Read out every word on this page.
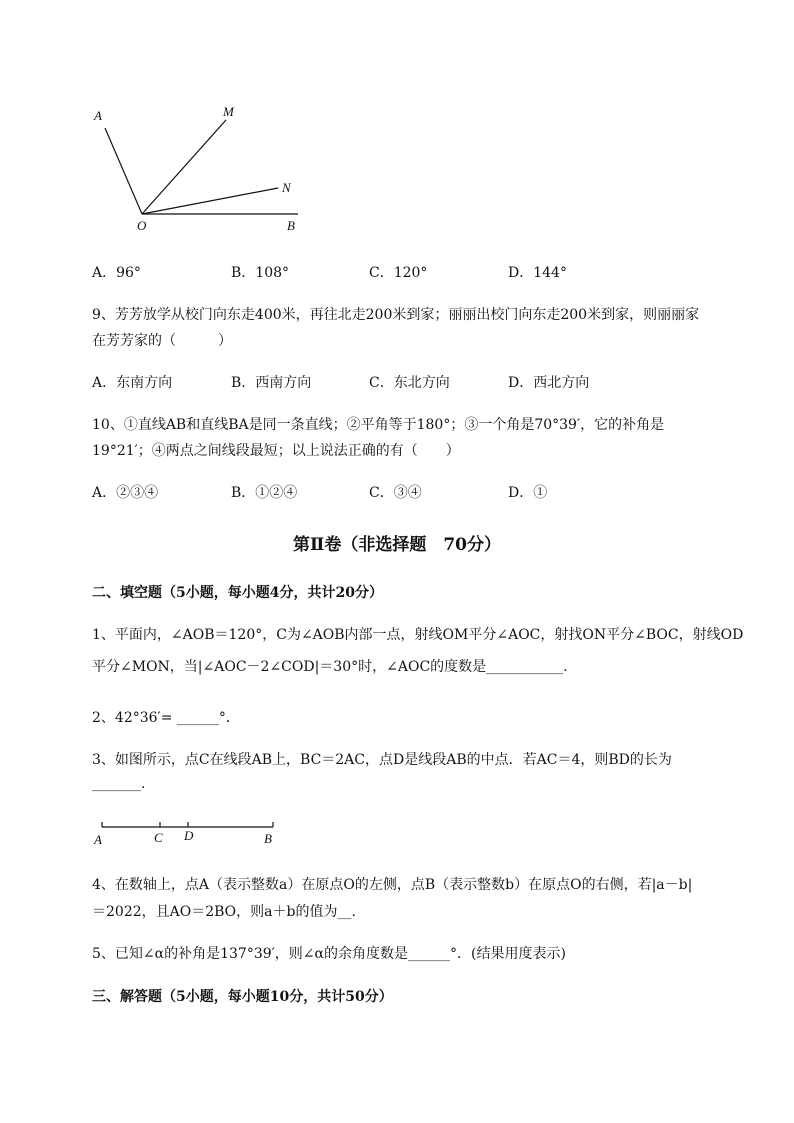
A	M
N
O	B
A．96°	B．108°	C．120°	D．144°
9、芳芳放学从校门向东走400米，再往北走200米到家；丽丽出校门向东走200米到家，则丽丽家
在芳芳家的（　　　）
A．东南方向	B．西南方向	C．东北方向	D．西北方向
10、①直线AB和直线BA是同一条直线；②平角等于180°；③一个角是70°39′，它的补角是
19°21′；④两点之间线段最短；以上说法正确的有（　　）
A．②③④	B．①②④	C．③④	D．①
第Ⅱ卷（非选择题　70分）
二、填空题（5小题，每小题4分，共计20分）
1、平面内，∠AOB＝120°，C为∠AOB内部一点，射线OM平分∠AOC，射找ON平分∠BOC，射线OD
平分∠MON，当|∠AOC－2∠COD|＝30°时，∠AOC的度数是___________.
2、42°36′= ______°．
3、如图所示，点C在线段AB上，BC＝2AC，点D是线段AB的中点．若AC＝4，则BD的长为
_______.
A	C D	B
4、在数轴上，点A（表示整数a）在原点O的左侧，点B（表示整数b）在原点O的右侧，若|a－b|
＝2022，且AO＝2BO，则a＋b的值为__.
5、已知∠α的补角是137°39′，则∠α的余角度数是______°．(结果用度表示)
三、解答题（5小题，每小题10分，共计50分）
